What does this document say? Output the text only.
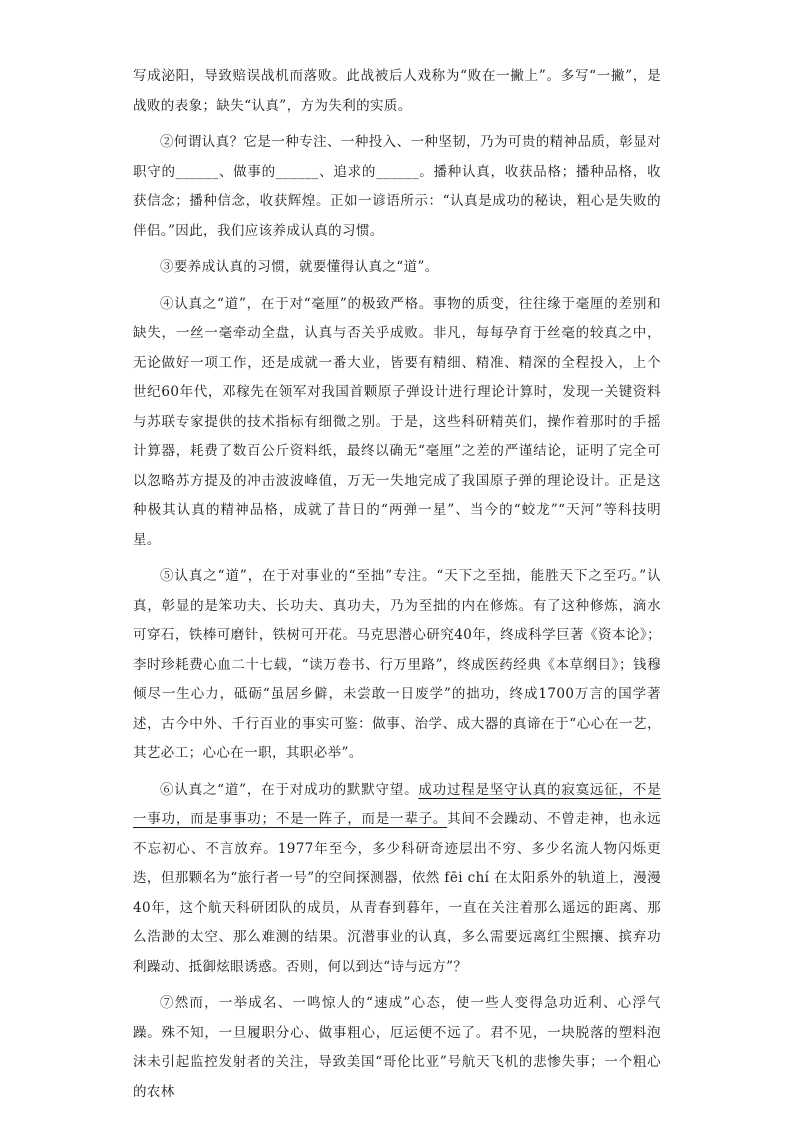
写成泌阳，导致赔误战机而落败。此战被后人戏称为“败在一撇上”。多写“一撇”，是战败的表象；缺失“认真”，方为失利的实质。

②何谓认真？它是一种专注、一种投入、一种坚韧，乃为可贵的精神品质，彰显对职守的______、做事的______、追求的______。播种认真，收获品格；播种品格，收获信念；播种信念，收获辉煌。正如一谚语所示：“认真是成功的秘诀，粗心是失败的伴侣。”因此，我们应该养成认真的习惯。

③要养成认真的习惯，就要懂得认真之“道”。

④认真之“道”，在于对“毫厘”的极致严格。事物的质变，往往缘于毫厘的差别和缺失，一丝一毫牵动全盘，认真与否关乎成败。非凡，每每孕育于丝毫的较真之中，无论做好一项工作，还是成就一番大业，皆要有精细、精准、精深的全程投入，上个世纪60年代，邓稼先在领军对我国首颗原子弹设计进行理论计算时，发现一关键资料与苏联专家提供的技术指标有细微之别。于是，这些科研精英们，操作着那时的手摇计算器，耗费了数百公斤资料纸，最终以确无“毫厘”之差的严谨结论，证明了完全可以忽略苏方提及的冲击波波峰值，万无一失地完成了我国原子弹的理论设计。正是这种极其认真的精神品格，成就了昔日的“两弹一星”、当今的“蛟龙”“天河”等科技明星。

⑤认真之“道”，在于对事业的“至拙”专注。“天下之至拙，能胜天下之至巧。”认真，彰显的是笨功夫、长功夫、真功夫，乃为至拙的内在修炼。有了这种修炼，滴水可穿石，铁棒可磨针，铁树可开花。马克思潜心研究40年，终成科学巨著《资本论》；李时珍耗费心血二十七载，“读万卷书、行万里路”，终成医药经典《本草纲目》；钱穆倾尽一生心力，砥砺“虽居乡僻，未尝敢一日废学”的拙功，终成1700万言的国学著述，古今中外、千行百业的事实可鉴：做事、治学、成大器的真谛在于“心心在一艺，其艺必工；心心在一职，其职必举”。

⑥认真之“道”，在于对成功的默默守望。成功过程是坚守认真的寂寞远征，不是一事功，而是事事功；不是一阵子，而是一辈子。其间不会躁动、不曾走神，也永远不忘初心、不言放弃。1977年至今，多少科研奇迹层出不穷、多少名流人物闪烁更迭，但那颗名为“旅行者一号”的空间探测器，依然 fēi chí 在太阳系外的轨道上，漫漫40年，这个航天科研团队的成员，从青春到暮年，一直在关注着那么遥远的距离、那么浩渺的太空、那么难测的结果。沉潜事业的认真，多么需要远离红尘熙攘、摈弃功利躁动、抵御炫眼诱惑。否则，何以到达“诗与远方”？

⑦然而，一举成名、一鸣惊人的“速成”心态，使一些人变得急功近利、心浮气躁。殊不知，一旦履职分心、做事粗心，厄运便不远了。君不见，一块脱落的塑料泡沫未引起监控发射者的关注，导致美国“哥伦比亚”号航天飞机的悲惨失事；一个粗心的农林
